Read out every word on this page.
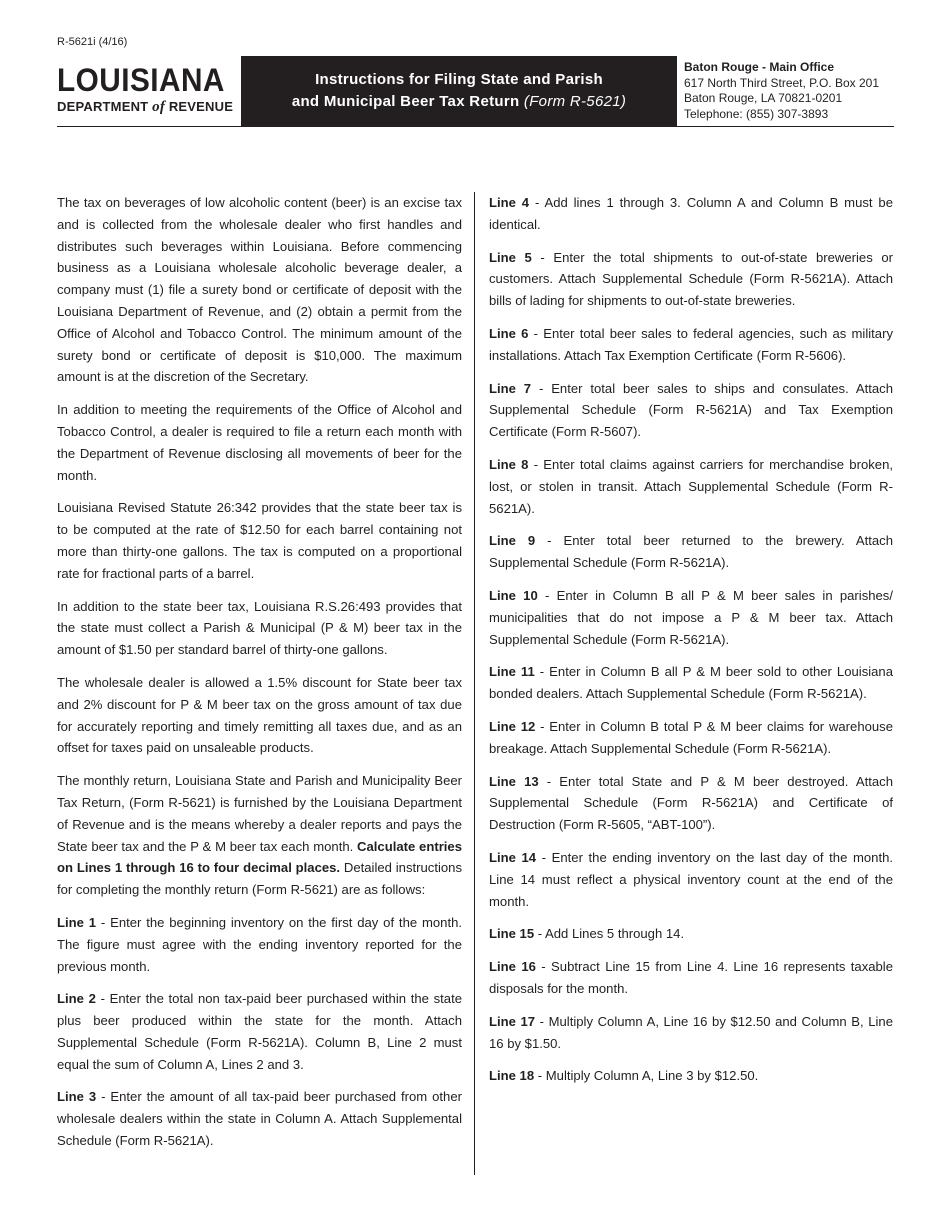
R-5621i (4/16)
LOUISIANA
DEPARTMENT of REVENUE
Instructions for Filing State and Parish
and Municipal Beer Tax Return (Form R-5621)
Baton Rouge - Main Office
617 North Third Street, P.O. Box 201
Baton Rouge, LA 70821-0201
Telephone: (855) 307-3893

The tax on beverages of low alcoholic content (beer) is an excise tax and is collected from the wholesale dealer who first handles and distributes such beverages within Louisiana. Before commencing business as a Louisiana wholesale alcoholic beverage dealer, a company must (1) file a surety bond or certificate of deposit with the Louisiana Department of Revenue, and (2) obtain a permit from the Office of Alcohol and Tobacco Control. The minimum amount of the surety bond or certificate of deposit is $10,000. The maximum amount is at the discretion of the Secretary.

In addition to meeting the requirements of the Office of Alcohol and Tobacco Control, a dealer is required to file a return each month with the Department of Revenue disclosing all movements of beer for the month.

Louisiana Revised Statute 26:342 provides that the state beer tax is to be computed at the rate of $12.50 for each barrel containing not more than thirty-one gallons. The tax is computed on a proportional rate for fractional parts of a barrel.

In addition to the state beer tax, Louisiana R.S.26:493 provides that the state must collect a Parish & Municipal (P & M) beer tax in the amount of $1.50 per standard barrel of thirty-one gallons.

The wholesale dealer is allowed a 1.5% discount for State beer tax and 2% discount for P & M beer tax on the gross amount of tax due for accurately reporting and timely remitting all taxes due, and as an offset for taxes paid on unsaleable products.

The monthly return, Louisiana State and Parish and Municipality Beer Tax Return, (Form R-5621) is furnished by the Louisiana Department of Revenue and is the means whereby a dealer reports and pays the State beer tax and the P & M beer tax each month. Calculate entries on Lines 1 through 16 to four decimal places. Detailed instructions for completing the monthly return (Form R-5621) are as follows:

Line 1 - Enter the beginning inventory on the first day of the month. The figure must agree with the ending inventory reported for the previous month.

Line 2 - Enter the total non tax-paid beer purchased within the state plus beer produced within the state for the month. Attach Supplemental Schedule (Form R-5621A). Column B, Line 2 must equal the sum of Column A, Lines 2 and 3.

Line 3 - Enter the amount of all tax-paid beer purchased from other wholesale dealers within the state in Column A. Attach Supplemental Schedule (Form R-5621A).

Line 4 - Add lines 1 through 3. Column A and Column B must be identical.

Line 5 - Enter the total shipments to out-of-state breweries or customers. Attach Supplemental Schedule (Form R-5621A). Attach bills of lading for shipments to out-of-state breweries.

Line 6 - Enter total beer sales to federal agencies, such as military installations. Attach Tax Exemption Certificate (Form R-5606).

Line 7 - Enter total beer sales to ships and consulates. Attach Supplemental Schedule (Form R-5621A) and Tax Exemption Certificate (Form R-5607).

Line 8 - Enter total claims against carriers for merchandise broken, lost, or stolen in transit. Attach Supplemental Schedule (Form R-5621A).

Line 9 - Enter total beer returned to the brewery. Attach Supplemental Schedule (Form R-5621A).

Line 10 - Enter in Column B all P & M beer sales in parishes/ municipalities that do not impose a P & M beer tax. Attach Supplemental Schedule (Form R-5621A).

Line 11 - Enter in Column B all P & M beer sold to other Louisiana bonded dealers. Attach Supplemental Schedule (Form R-5621A).

Line 12 - Enter in Column B total P & M beer claims for warehouse breakage. Attach Supplemental Schedule (Form R-5621A).

Line 13 - Enter total State and P & M beer destroyed. Attach Supplemental Schedule (Form R-5621A) and Certificate of Destruction (Form R-5605, “ABT-100”).

Line 14 - Enter the ending inventory on the last day of the month. Line 14 must reflect a physical inventory count at the end of the month.

Line 15 - Add Lines 5 through 14.

Line 16 - Subtract Line 15 from Line 4. Line 16 represents taxable disposals for the month.

Line 17 - Multiply Column A, Line 16 by $12.50 and Column B, Line 16 by $1.50.

Line 18 - Multiply Column A, Line 3 by $12.50.
